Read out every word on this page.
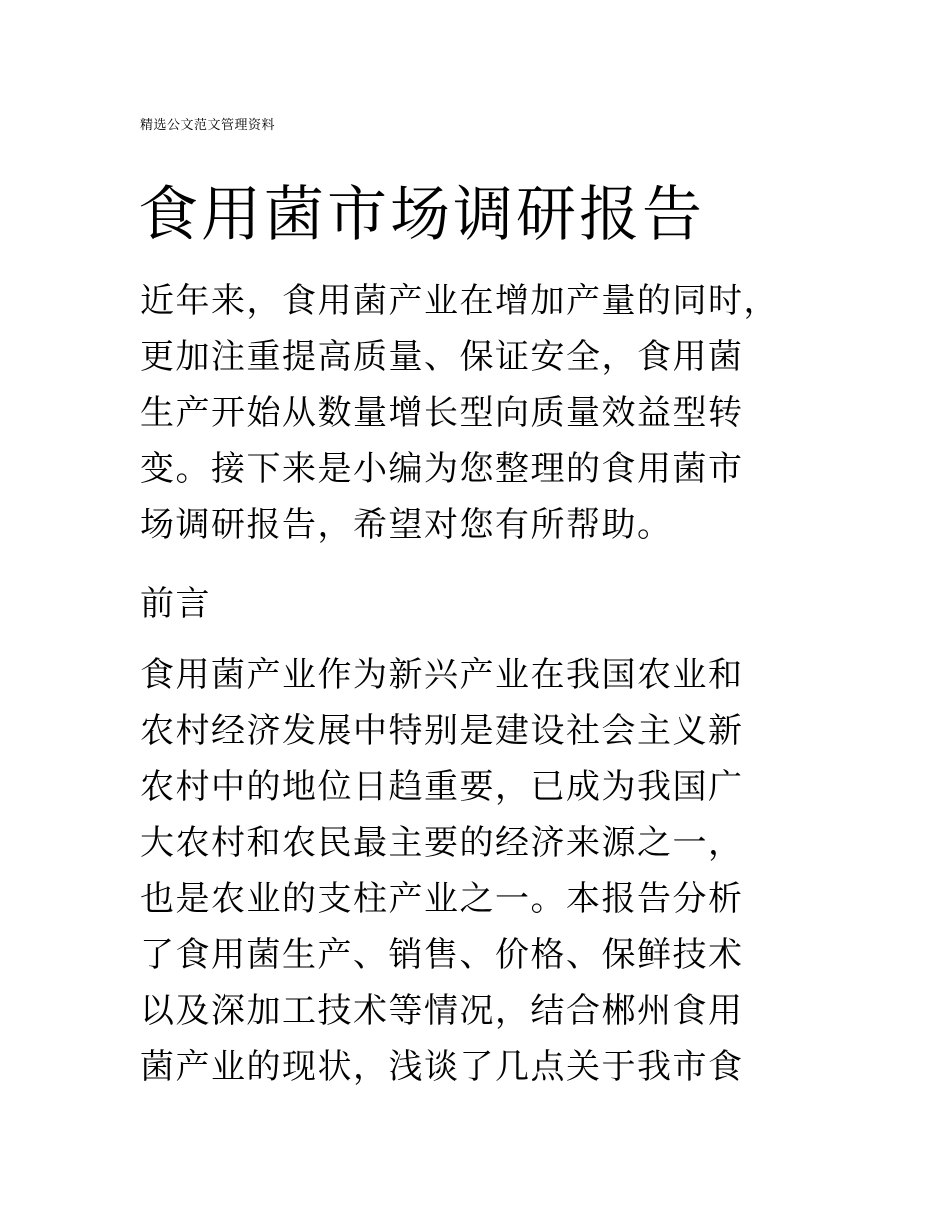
精选公文范文管理资料
食用菌市场调研报告
近年来，食用菌产业在增加产量的同时，
更加注重提高质量、保证安全，食用菌
生产开始从数量增长型向质量效益型转
变。接下来是小编为您整理的食用菌市
场调研报告，希望对您有所帮助。
前言
食用菌产业作为新兴产业在我国农业和
农村经济发展中特别是建设社会主义新
农村中的地位日趋重要，已成为我国广
大农村和农民最主要的经济来源之一，
也是农业的支柱产业之一。本报告分析
了食用菌生产、销售、价格、保鲜技术
以及深加工技术等情况，结合郴州食用
菌产业的现状，浅谈了几点关于我市食
